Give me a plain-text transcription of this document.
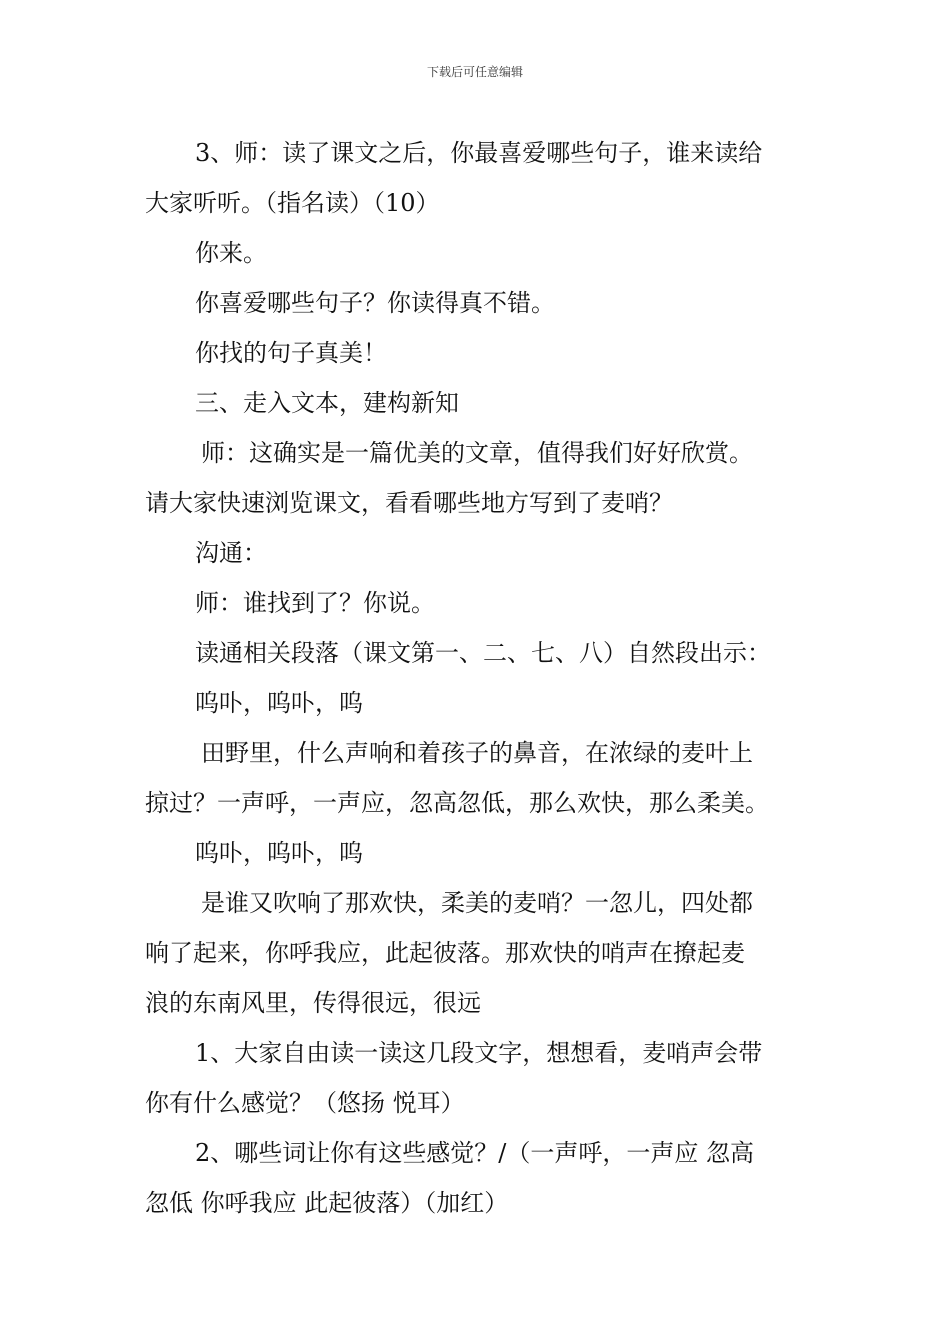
下载后可任意编辑
3、师：读了课文之后，你最喜爱哪些句子，谁来读给
大家听听。（指名读）（10）
你来。
你喜爱哪些句子？你读得真不错。
你找的句子真美！
三、走入文本，建构新知
师：这确实是一篇优美的文章，值得我们好好欣赏。
请大家快速浏览课文，看看哪些地方写到了麦哨？
沟通：
师：谁找到了？你说。
读通相关段落（课文第一、二、七、八）自然段出示：
呜卟，呜卟，呜
田野里，什么声响和着孩子的鼻音，在浓绿的麦叶上
掠过？一声呼，一声应，忽高忽低，那么欢快，那么柔美。
呜卟，呜卟，呜
是谁又吹响了那欢快，柔美的麦哨？一忽儿，四处都
响了起来，你呼我应，此起彼落。那欢快的哨声在撩起麦
浪的东南风里，传得很远，很远
1、大家自由读一读这几段文字，想想看，麦哨声会带
你有什么感觉？（悠扬 悦耳）
2、哪些词让你有这些感觉？/（一声呼，一声应 忽高
忽低 你呼我应 此起彼落）（加红）
